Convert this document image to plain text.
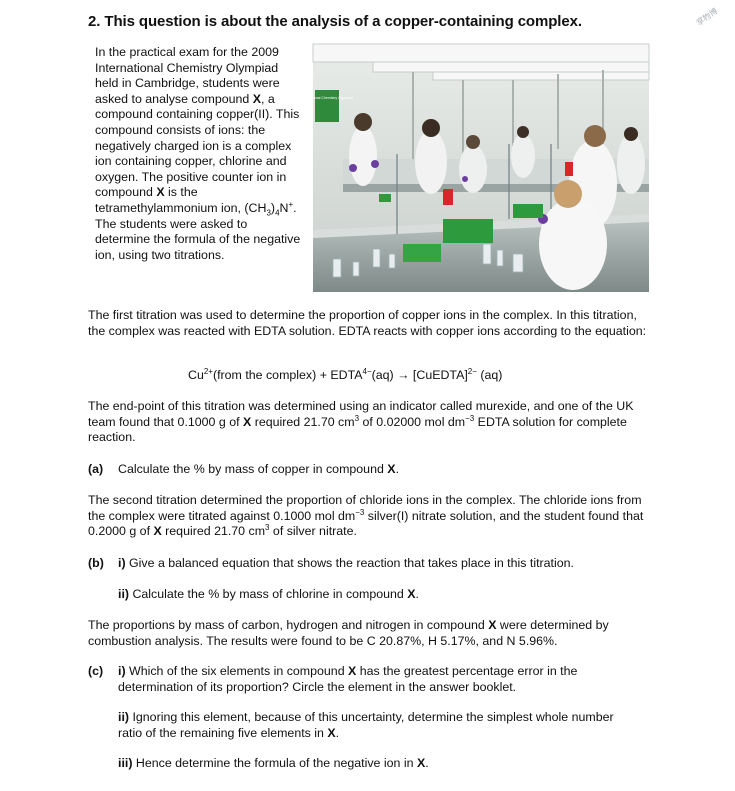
掌物博
2. This question is about the analysis of a copper-containing complex.
In the practical exam for the 2009 International Chemistry Olympiad held in Cambridge, students were asked to analyse compound X, a compound containing copper(II). This compound consists of ions: the negatively charged ion is a complex ion containing copper, chlorine and oxygen. The positive counter ion in compound X is the tetramethylammonium ion, $(CH_3)_4N^+$. The students were asked to determine the formula of the negative ion, using two titrations.
International Chemistry Olympiad
The first titration was used to determine the proportion of copper ions in the complex. In this titration, the complex was reacted with EDTA solution. EDTA reacts with copper ions according to the equation:
$Cu^{2+}(from$ the complex) + $EDTA^{4-}(aq)$ → [CuEDTA]$^{2-}$ (aq)
The end-point of this titration was determined using an indicator called murexide, and one of the UK team found that 0.1000 g of X required 21.70 $cm^3$ of 0.02000 mol $dm^{-3}$ EDTA solution for complete reaction.
(a) Calculate the % by mass of copper in compound X.
The second titration determined the proportion of chloride ions in the complex. The chloride ions from the complex were titrated against 0.1000 mol $dm^{-3}$ silver(I) nitrate solution, and the student found that 0.2000 g of X required 21.70 $cm^3$ of silver nitrate.
(b) i) Give a balanced equation that shows the reaction that takes place in this titration.
ii) Calculate the % by mass of chlorine in compound X.
The proportions by mass of carbon, hydrogen and nitrogen in compound X were determined by combustion analysis. The results were found to be C 20.87%, H 5.17%, and N 5.96%.
(c) i) Which of the six elements in compound X has the greatest percentage error in the determination of its proportion? Circle the element in the answer booklet.
ii) Ignoring this element, because of this uncertainty, determine the simplest whole number ratio of the remaining five elements in X.
iii) Hence determine the formula of the negative ion in X.
